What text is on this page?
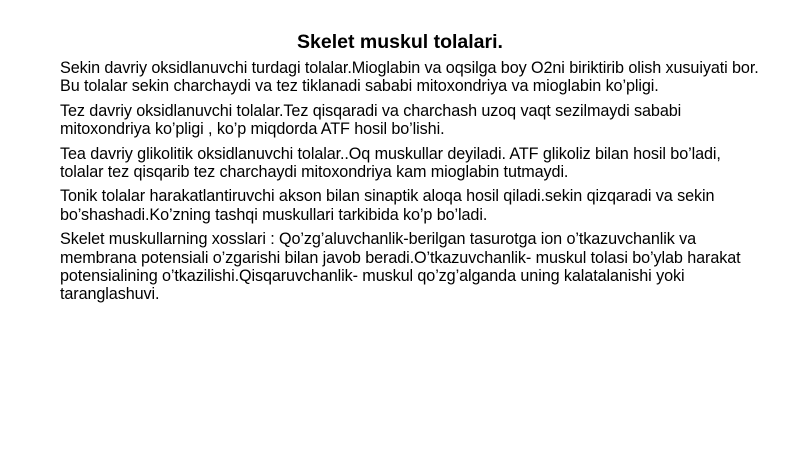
Skelet muskul tolalari.

Sekin davriy oksidlanuvchi turdagi tolalar.Mioglabin va oqsilga boy O2ni biriktirib olish xusuiyati bor. Bu tolalar sekin charchaydi va tez tiklanadi sababi mitoxondriya va mioglabin ko’pligi.

Tez davriy oksidlanuvchi tolalar.Tez qisqaradi va charchash uzoq vaqt sezilmaydi sababi mitoxondriya ko’pligi , ko’p miqdorda ATF hosil bo’lishi.

Tea davriy glikolitik oksidlanuvchi tolalar..Oq muskullar deyiladi. ATF glikoliz bilan hosil bo’ladi, tolalar tez qisqarib tez charchaydi mitoxondriya kam mioglabin tutmaydi.

Tonik tolalar harakatlantiruvchi akson bilan sinaptik aloqa hosil qiladi.sekin qizqaradi va sekin bo’shashadi.Ko’zning tashqi muskullari tarkibida ko’p bo’ladi.

Skelet muskullarning xosslari : Qo’zg’aluvchanlik-berilgan tasurotga ion o’tkazuvchanlik va membrana potensiali o’zgarishi bilan javob beradi.O’tkazuvchanlik- muskul tolasi bo’ylab harakat potensialining o’tkazilishi.Qisqaruvchanlik- muskul qo’zg’alganda uning kalatalanishi yoki taranglashuvi.
